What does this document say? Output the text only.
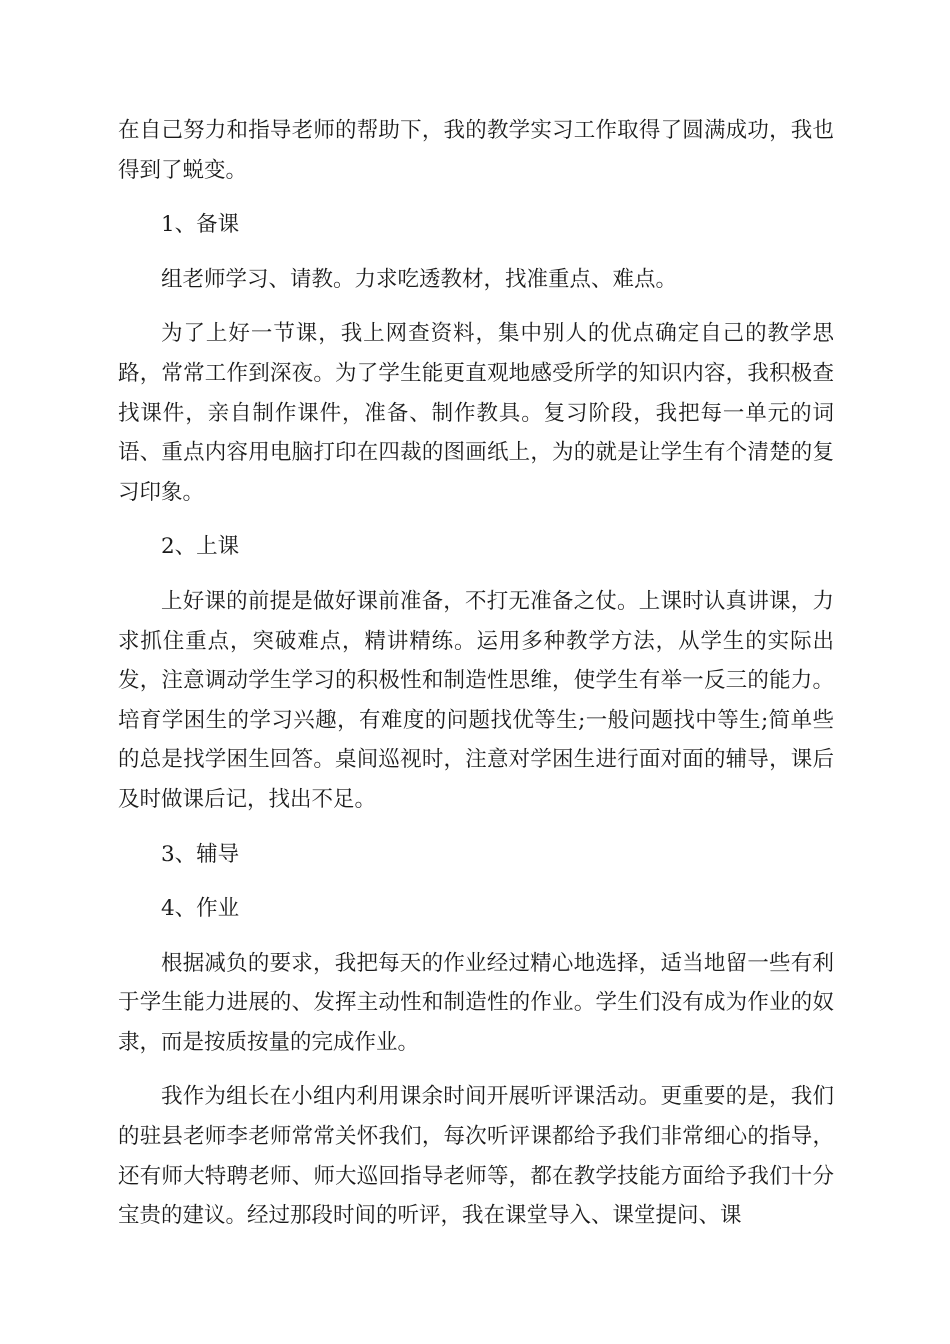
在自己努力和指导老师的帮助下，我的教学实习工作取得了圆满成功，我也得到了蜕变。

1、备课

组老师学习、请教。力求吃透教材，找准重点、难点。

为了上好一节课，我上网查资料，集中别人的优点确定自己的教学思路，常常工作到深夜。为了学生能更直观地感受所学的知识内容，我积极查找课件，亲自制作课件，准备、制作教具。复习阶段，我把每一单元的词语、重点内容用电脑打印在四裁的图画纸上，为的就是让学生有个清楚的复习印象。

2、上课

上好课的前提是做好课前准备，不打无准备之仗。上课时认真讲课，力求抓住重点，突破难点，精讲精练。运用多种教学方法，从学生的实际出发，注意调动学生学习的积极性和制造性思维，使学生有举一反三的能力。培育学困生的学习兴趣，有难度的问题找优等生;一般问题找中等生;简单些的总是找学困生回答。桌间巡视时，注意对学困生进行面对面的辅导，课后及时做课后记，找出不足。

3、辅导

4、作业

根据减负的要求，我把每天的作业经过精心地选择，适当地留一些有利于学生能力进展的、发挥主动性和制造性的作业。学生们没有成为作业的奴隶，而是按质按量的完成作业。

我作为组长在小组内利用课余时间开展听评课活动。更重要的是，我们的驻县老师李老师常常关怀我们，每次听评课都给予我们非常细心的指导，还有师大特聘老师、师大巡回指导老师等，都在教学技能方面给予我们十分宝贵的建议。经过那段时间的听评，我在课堂导入、课堂提问、课
